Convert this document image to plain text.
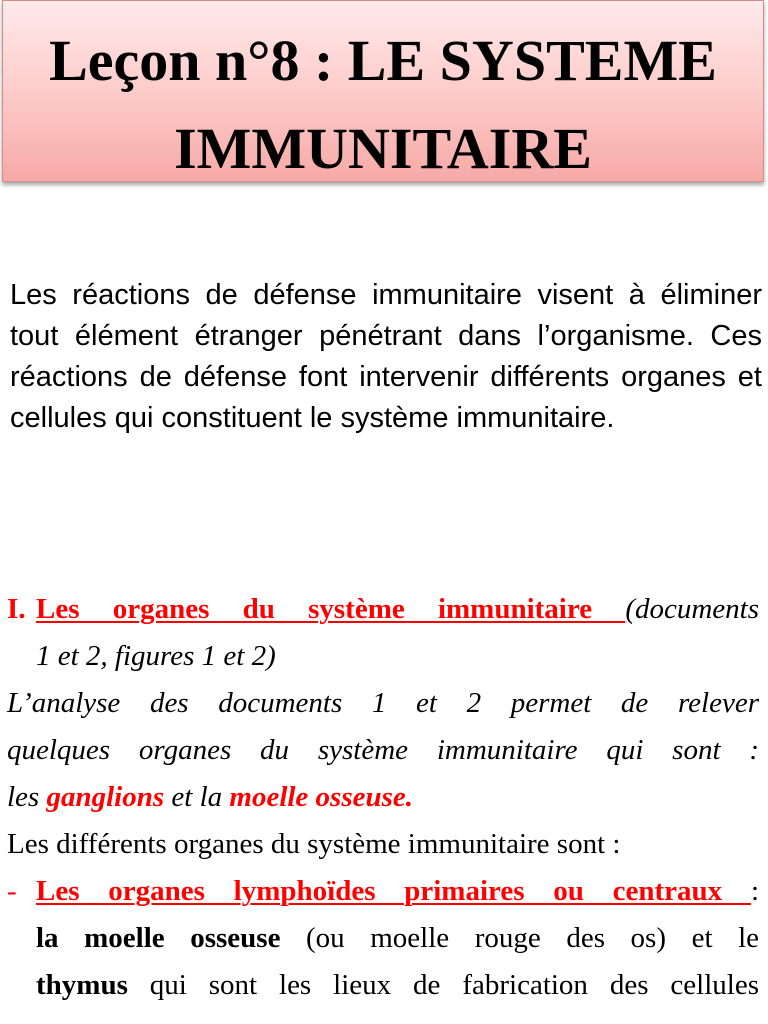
Leçon n°8 : LE SYSTEME
IMMUNITAIRE
Les réactions de défense immunitaire visent à éliminer tout élément étranger pénétrant dans l’organisme. Ces réactions de défense font intervenir différents organes et cellules qui constituent le système immunitaire.
I. Les organes du système immunitaire (documents
1 et 2, figures 1 et 2)
L’analyse des documents 1 et 2 permet de relever
quelques organes du système immunitaire qui sont :
les ganglions et la moelle osseuse.
Les différents organes du système immunitaire sont :
- Les organes lymphoïdes primaires ou centraux :
la moelle osseuse (ou moelle rouge des os) et le
thymus qui sont les lieux de fabrication des cellules
